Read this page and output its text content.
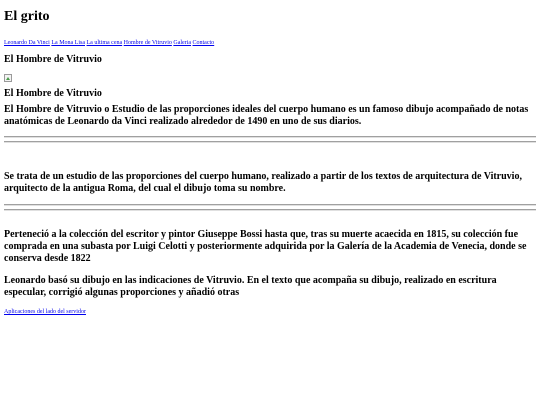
El grito
Leonardo Da Vinci La Mona Lisa La ultima cena Hombre de Vitruvio Galeria Contacto
El Hombre de Vitruvio
El Hombre de Vitruvio

El Hombre de Vitruvio o Estudio de las proporciones ideales del cuerpo humano es un famoso dibujo acompañado de notas anatómicas de Leonardo da Vinci realizado alrededor de 1490 en uno de sus diarios.

Se trata de un estudio de las proporciones del cuerpo humano, realizado a partir de los textos de arquitectura de Vitruvio, arquitecto de la antigua Roma, del cual el dibujo toma su nombre.

Perteneció a la colección del escritor y pintor Giuseppe Bossi hasta que, tras su muerte acaecida en 1815, su colección fue comprada en una subasta por Luigi Celotti y posteriormente adquirida por la Galería de la Academia de Venecia, donde se conserva desde 1822

Leonardo basó su dibujo en las indicaciones de Vitruvio. En el texto que acompaña su dibujo, realizado en escritura especular, corrigió algunas proporciones y añadió otras

Aplicaciones del lado del servidor
